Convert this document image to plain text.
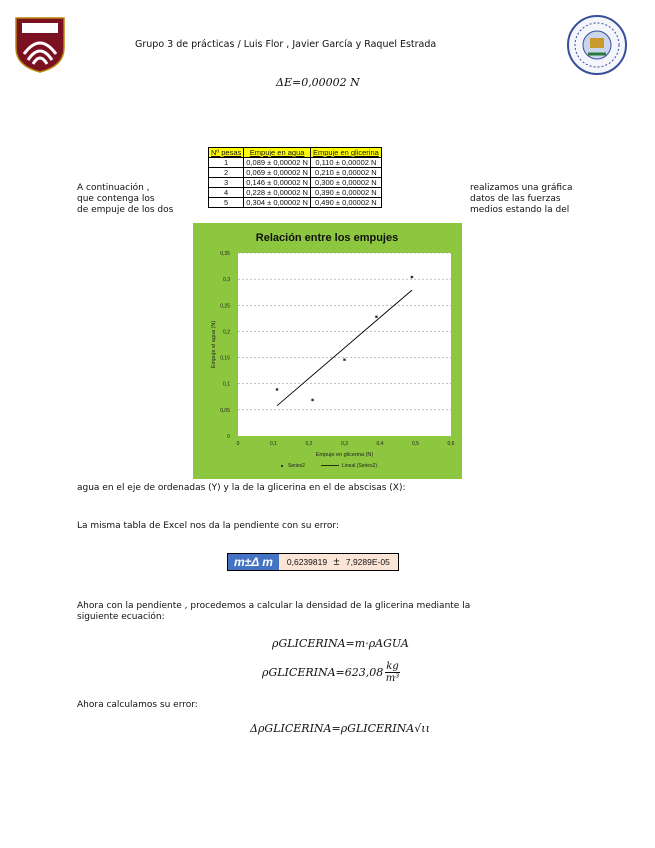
Grupo 3 de prácticas / Luis Flor , Javier García y Raquel Estrada
ΔE=0,00002 N
Nº pesas	Empuje en agua	Empuje en glicerina
1	0,089 ± 0,00002 N	0,110 ± 0,00002 N
2	0,069 ± 0,00002 N	0,210 ± 0,00002 N
3	0,146 ± 0,00002 N	0,300 ± 0,00002 N
4	0,228 ± 0,00002 N	0,390 ± 0,00002 N
5	0,304 ± 0,00002 N	0,490 ± 0,00002 N
A continuación ,
que contenga los
de empuje de los dos
realizamos una gráfica
datos de las fuerzas
medios estando la del
Relación entre los empujes
0
0,05
0,1
0,15
0,2
0,25
0,3
0,35
0	0,1	0,2	0,3	0,4	0,5	0,6
Empuje en glicerina (N)
Empuje el agua (N)
Series2	Lineal (Series2)
agua en el eje de ordenadas (Y) y la de la glicerina en el de abscisas (X):
La misma tabla de Excel nos da la pendiente con su error:
m±Δ m	0,6239819 ± 7,9289E-05
Ahora con la pendiente , procedemos a calcular la densidad de la glicerina mediante la
siguiente ecuación:
ρGLICERINA=m·ρAGUA
ρGLICERINA=623,08 $\frac{kg}{\text{m³}}$
Ahora calculamos su error:
ΔρGLICERINA=ρGLICERINA√ιι
